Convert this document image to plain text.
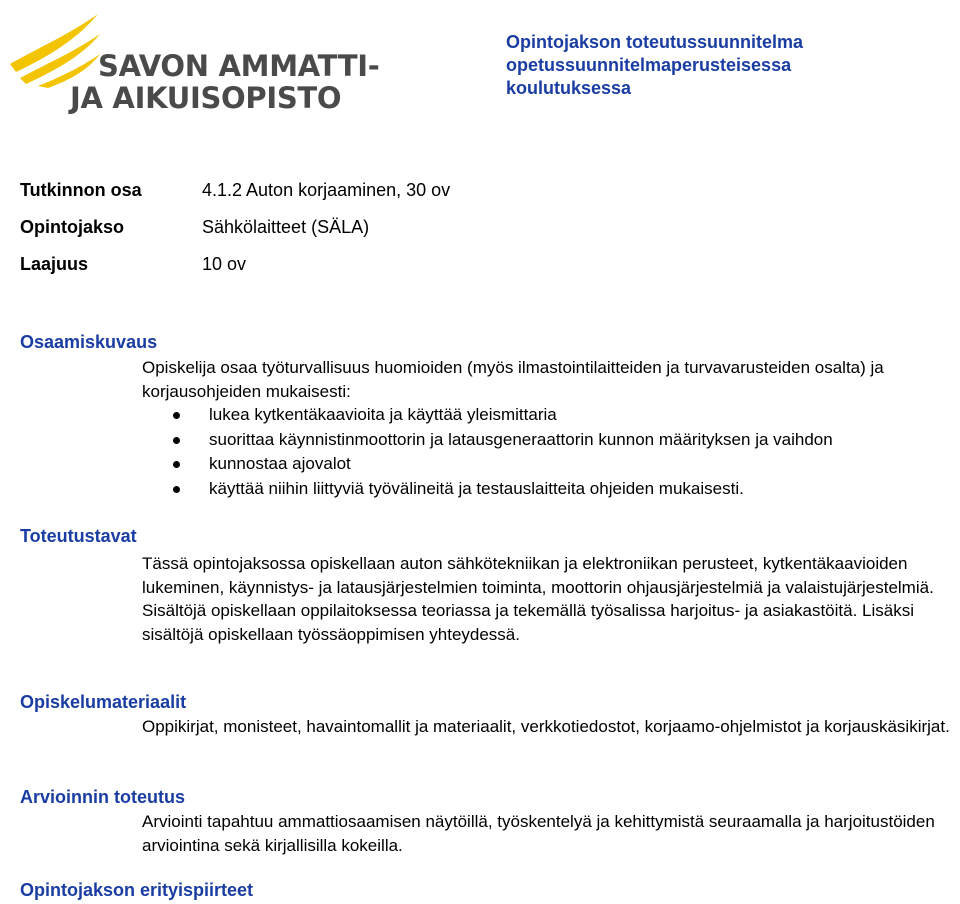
SAVON AMMATTI-
JA AIKUISOPISTO
Opintojakson toteutussuunnitelma
opetussuunnitelmaperusteisessa
koulutuksessa
Tutkinnon osa	4.1.2 Auton korjaaminen, 30 ov
Opintojakso	Sähkölaitteet (SÄLA)
Laajuus	10 ov
Osaamiskuvaus
Opiskelija osaa työturvallisuus huomioiden (myös ilmastointilaitteiden ja turvavarusteiden osalta) ja korjausohjeiden mukaisesti:
lukea kytkentäkaavioita ja käyttää yleismittaria
suorittaa käynnistinmoottorin ja latausgeneraattorin kunnon määrityksen ja vaihdon
kunnostaa ajovalot
käyttää niihin liittyviä työvälineitä ja testauslaitteita ohjeiden mukaisesti.
Toteutustavat
Tässä opintojaksossa opiskellaan auton sähkötekniikan ja elektroniikan perusteet, kytkentäkaavioiden lukeminen, käynnistys- ja latausjärjestelmien toiminta, moottorin ohjausjärjestelmiä ja valaistujärjestelmiä. Sisältöjä opiskellaan oppilaitoksessa teoriassa ja tekemällä työsalissa harjoitus- ja asiakastöitä. Lisäksi sisältöjä opiskellaan työssäoppimisen yhteydessä.
Opiskelumateriaalit
Oppikirjat, monisteet, havaintomallit ja materiaalit, verkkotiedostot, korjaamo-ohjelmistot ja korjauskäsikirjat.
Arvioinnin toteutus
Arviointi tapahtuu ammattiosaamisen näytöillä, työskentelyä ja kehittymistä seuraamalla ja harjoitustöiden arviointina sekä kirjallisilla kokeilla.
Opintojakson erityispiirteet
